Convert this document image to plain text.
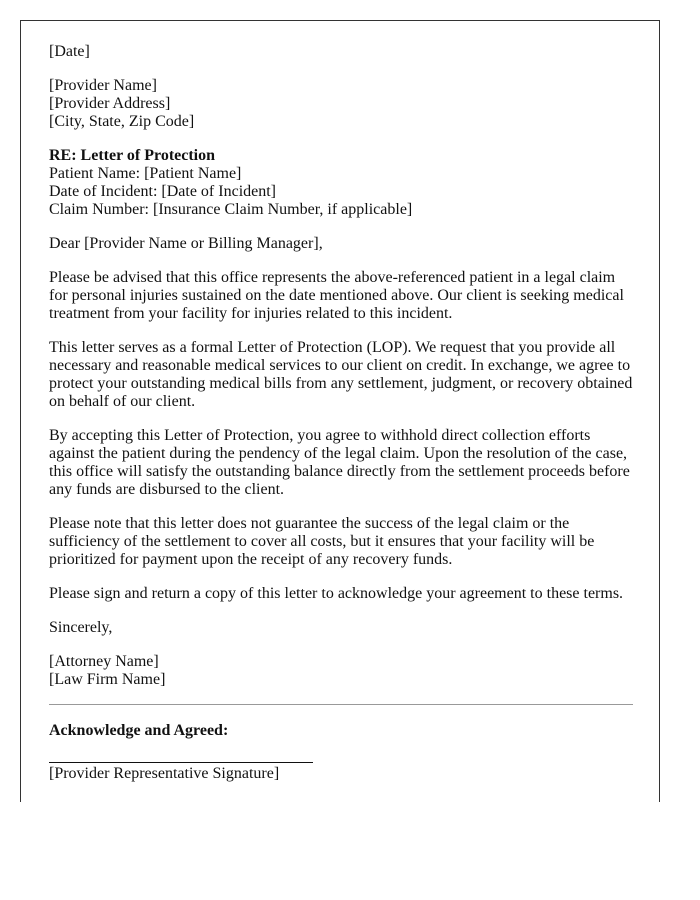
[Date]

[Provider Name]
[Provider Address]
[City, State, Zip Code]

RE: Letter of Protection
Patient Name: [Patient Name]
Date of Incident: [Date of Incident]
Claim Number: [Insurance Claim Number, if applicable]

Dear [Provider Name or Billing Manager],

Please be advised that this office represents the above-referenced patient in a legal claim for personal injuries sustained on the date mentioned above. Our client is seeking medical treatment from your facility for injuries related to this incident.

This letter serves as a formal Letter of Protection (LOP). We request that you provide all necessary and reasonable medical services to our client on credit. In exchange, we agree to protect your outstanding medical bills from any settlement, judgment, or recovery obtained on behalf of our client.

By accepting this Letter of Protection, you agree to withhold direct collection efforts against the patient during the pendency of the legal claim. Upon the resolution of the case, this office will satisfy the outstanding balance directly from the settlement proceeds before any funds are disbursed to the client.

Please note that this letter does not guarantee the success of the legal claim or the sufficiency of the settlement to cover all costs, but it ensures that your facility will be prioritized for payment upon the receipt of any recovery funds.

Please sign and return a copy of this letter to acknowledge your agreement to these terms.

Sincerely,

[Attorney Name]
[Law Firm Name]

Acknowledge and Agreed:

[Provider Representative Signature]
